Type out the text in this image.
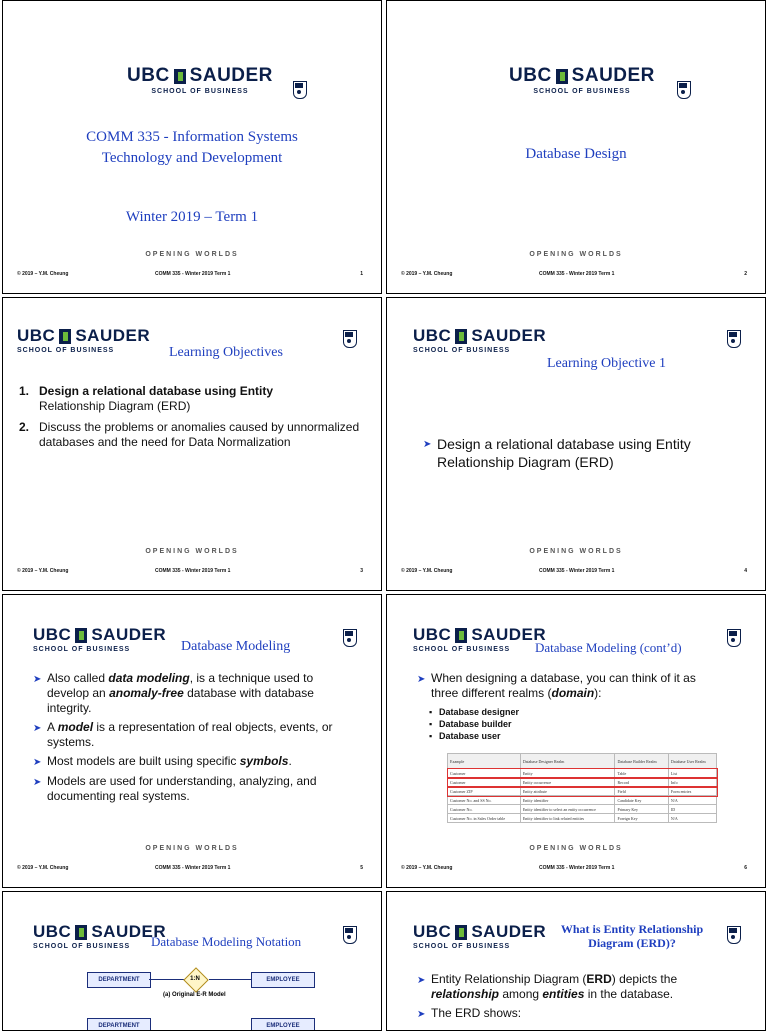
UBC SAUDER
SCHOOL OF BUSINESS
COMM 335 - Information Systems
Technology and Development
Winter 2019 – Term 1
OPENING WORLDS
© 2019 – Y.M. Cheung	COMM 335 - Winter 2019 Term 1	1
UBC SAUDER
SCHOOL OF BUSINESS
Database Design
OPENING WORLDS
© 2019 – Y.M. Cheung	COMM 335 - Winter 2019 Term 1	2
UBC SAUDER
SCHOOL OF BUSINESS	Learning Objectives
1. Design a relational database using Entity Relationship Diagram (ERD)
2. Discuss the problems or anomalies caused by unnormalized databases and the need for Data Normalization
OPENING WORLDS
© 2019 – Y.M. Cheung	COMM 335 - Winter 2019 Term 1	3
UBC SAUDER
SCHOOL OF BUSINESS
Learning Objective 1
➤ Design a relational database using Entity Relationship Diagram (ERD)
OPENING WORLDS
© 2019 – Y.M. Cheung	COMM 335 - Winter 2019 Term 1	4
UBC SAUDER
SCHOOL OF BUSINESS	Database Modeling
➤ Also called data modeling, is a technique used to develop an anomaly-free database with database integrity.
➤ A model is a representation of real objects, events, or systems.
➤ Most models are built using specific symbols.
➤ Models are used for understanding, analyzing, and documenting real systems.
OPENING WORLDS
© 2019 – Y.M. Cheung	COMM 335 - Winter 2019 Term 1	5
UBC SAUDER
SCHOOL OF BUSINESS	Database Modeling (cont’d)
➤ When designing a database, you can think of it as three different realms (domain):
▪ Database designer
▪ Database builder
▪ Database user
Example	Database Designer Realm	Database Builder Realm	Database User Realm
Customer	Entity	Table	List
Customer	Entity occurrence	Record	Info
Customer ZIP	Entity attribute	Field	Form entries
Customer No. and SS No.	Entity identifier	Candidate Key	N/A
Customer No.	Entity identifier to select an entity occurrence	Primary Key	ID
Customer No. in Sales Order table	Entity identifier to link related entities	Foreign Key	N/A
OPENING WORLDS
© 2019 – Y.M. Cheung	COMM 335 - Winter 2019 Term 1	6
UBC SAUDER
SCHOOL OF BUSINESS	Database Modeling Notation
DEPARTMENT	1:N	EMPLOYEE
(a) Original E-R Model
DEPARTMENT	EMPLOYEE
UBC SAUDER
SCHOOL OF BUSINESS
What is Entity Relationship
Diagram (ERD)?
➤ Entity Relationship Diagram (ERD) depicts the relationship among entities in the database.
➤ The ERD shows:
